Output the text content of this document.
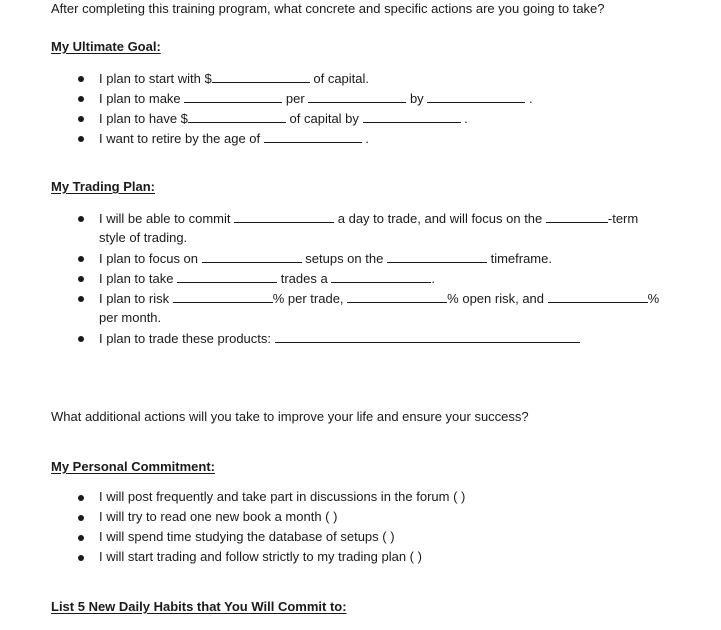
After completing this training program, what concrete and specific actions are you going to take?
My Ultimate Goal:
I plan to start with $	of capital.
I plan to make	per	by	.
I plan to have $	of capital by	.
I want to retire by the age of	.
My Trading Plan:
I will be able to commit	a day to trade, and will focus on the	-term
style of trading.
I plan to focus on	setups on the	timeframe.
I plan to take	trades a	.
I plan to risk	% per trade,	% open risk, and	%
per month.
I plan to trade these products:
What additional actions will you take to improve your life and ensure your success?
My Personal Commitment:
I will post frequently and take part in discussions in the forum ( )
I will try to read one new book a month ( )
I will spend time studying the database of setups ( )
I will start trading and follow strictly to my trading plan ( )
List 5 New Daily Habits that You Will Commit to:
